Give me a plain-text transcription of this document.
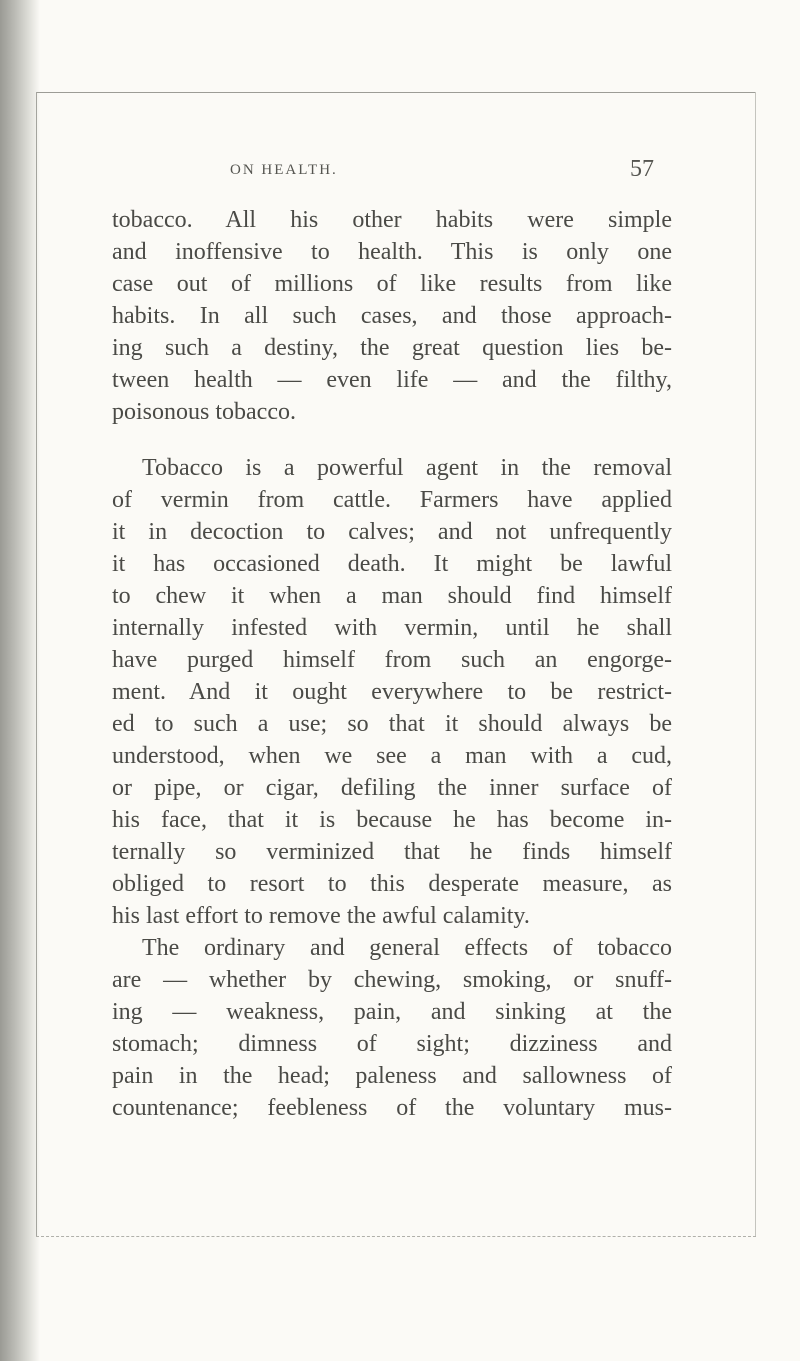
ON HEALTH.	57
tobacco. All his other habits were simple
and inoffensive to health. This is only one
case out of millions of like results from like
habits. In all such cases, and those approach-
ing such a destiny, the great question lies be-
tween health — even life — and the filthy,
poisonous tobacco.
Tobacco is a powerful agent in the removal
of vermin from cattle. Farmers have applied
it in decoction to calves; and not unfrequently
it has occasioned death. It might be lawful
to chew it when a man should find himself
internally infested with vermin, until he shall
have purged himself from such an engorge-
ment. And it ought everywhere to be restrict-
ed to such a use; so that it should always be
understood, when we see a man with a cud,
or pipe, or cigar, defiling the inner surface of
his face, that it is because he has become in-
ternally so verminized that he finds himself
obliged to resort to this desperate measure, as
his last effort to remove the awful calamity.
The ordinary and general effects of tobacco
are — whether by chewing, smoking, or snuff-
ing — weakness, pain, and sinking at the
stomach; dimness of sight; dizziness and
pain in the head; paleness and sallowness of
countenance; feebleness of the voluntary mus-
